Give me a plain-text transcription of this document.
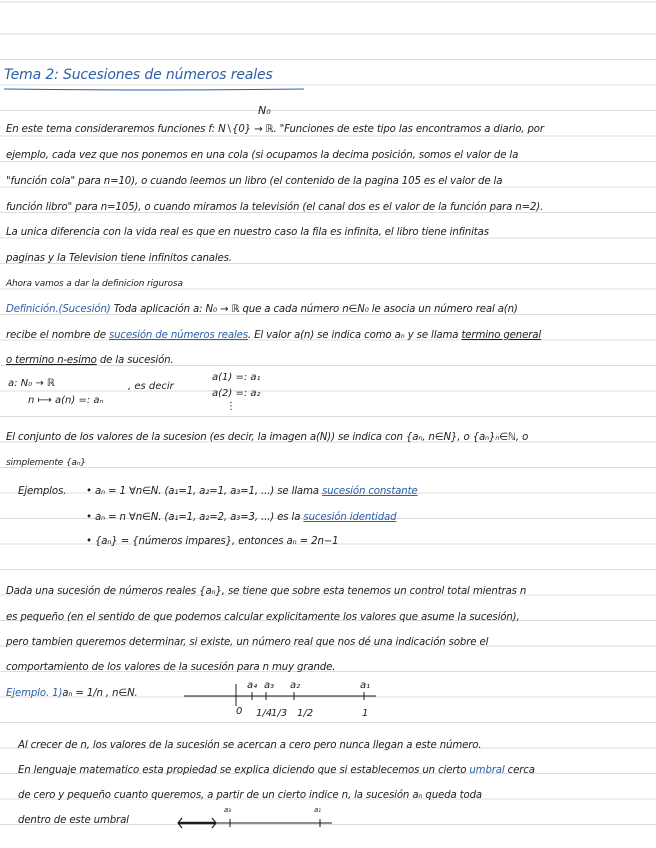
Tema 2: Sucesiones de números reales
N₀
En este tema consideraremos funciones f: N∖{0} → ℝ. "Funciones de este tipo las encontramos a diario, por
ejemplo, cada vez que nos ponemos en una cola (si ocupamos la decima posición, somos el valor de la
"función cola" para n=10), o cuando leemos un libro (el contenido de la pagina 105 es el valor de la
función libro" para n=105), o cuando miramos la televisión (el canal dos es el valor de la función para n=2).
La unica diferencia con la vida real es que en nuestro caso la fila es infinita, el libro tiene infinitas
paginas y la Television tiene infinitos canales.
Ahora vamos a dar la definicion rigurosa
Definición.(Sucesión) Toda aplicación a: N₀ → ℝ que a cada número n∈N₀ le asocia un número real a(n)
recibe el nombre de sucesión de números reales. El valor a(n) se indica como aₙ y se llama termino general
o termino n-esimo de la sucesión.
a: N₀ → ℝ
n ⟼ a(n) =: aₙ
, es decir
a(1) =: a₁
a(2) =: a₂
⋮
El conjunto de los valores de la sucesion (es decir, la imagen a(N)) se indica con {aₙ, n∈N}, o {aₙ}ₙ∈ℕ, o
simplemente {aₙ}
Ejemplos. • aₙ = 1 ∀n∈N. (a₁=1, a₂=1, a₃=1, ...) se llama sucesión constante
• aₙ = n ∀n∈N. (a₁=1, a₂=2, a₃=3, ...) es la sucesión identidad
• {aₙ} = {números impares}, entonces aₙ = 2n−1
Dada una sucesión de números reales {aₙ}, se tiene que sobre esta tenemos un control total mientras n
es pequeño (en el sentido de que podemos calcular explicitamente los valores que asume la sucesión),
pero tambien queremos determinar, si existe, un número real que nos dé una indicación sobre el
comportamiento de los valores de la sucesión para n muy grande.
Ejemplo. 1)aₙ = 1/n , n∈N.
a₄ a₃ a₂	a₁
0 1/4
1/3 1/2	1
Al crecer de n, los valores de la sucesión se acercan a cero pero nunca llegan a este número.
En lenguaje matematico esta propiedad se explica diciendo que si establecemos un cierto umbral cerca
de cero y pequeño cuanto queremos, a partir de un cierto indice n, la sucesión aₙ queda toda
dentro de este umbral
a₃	a₁
